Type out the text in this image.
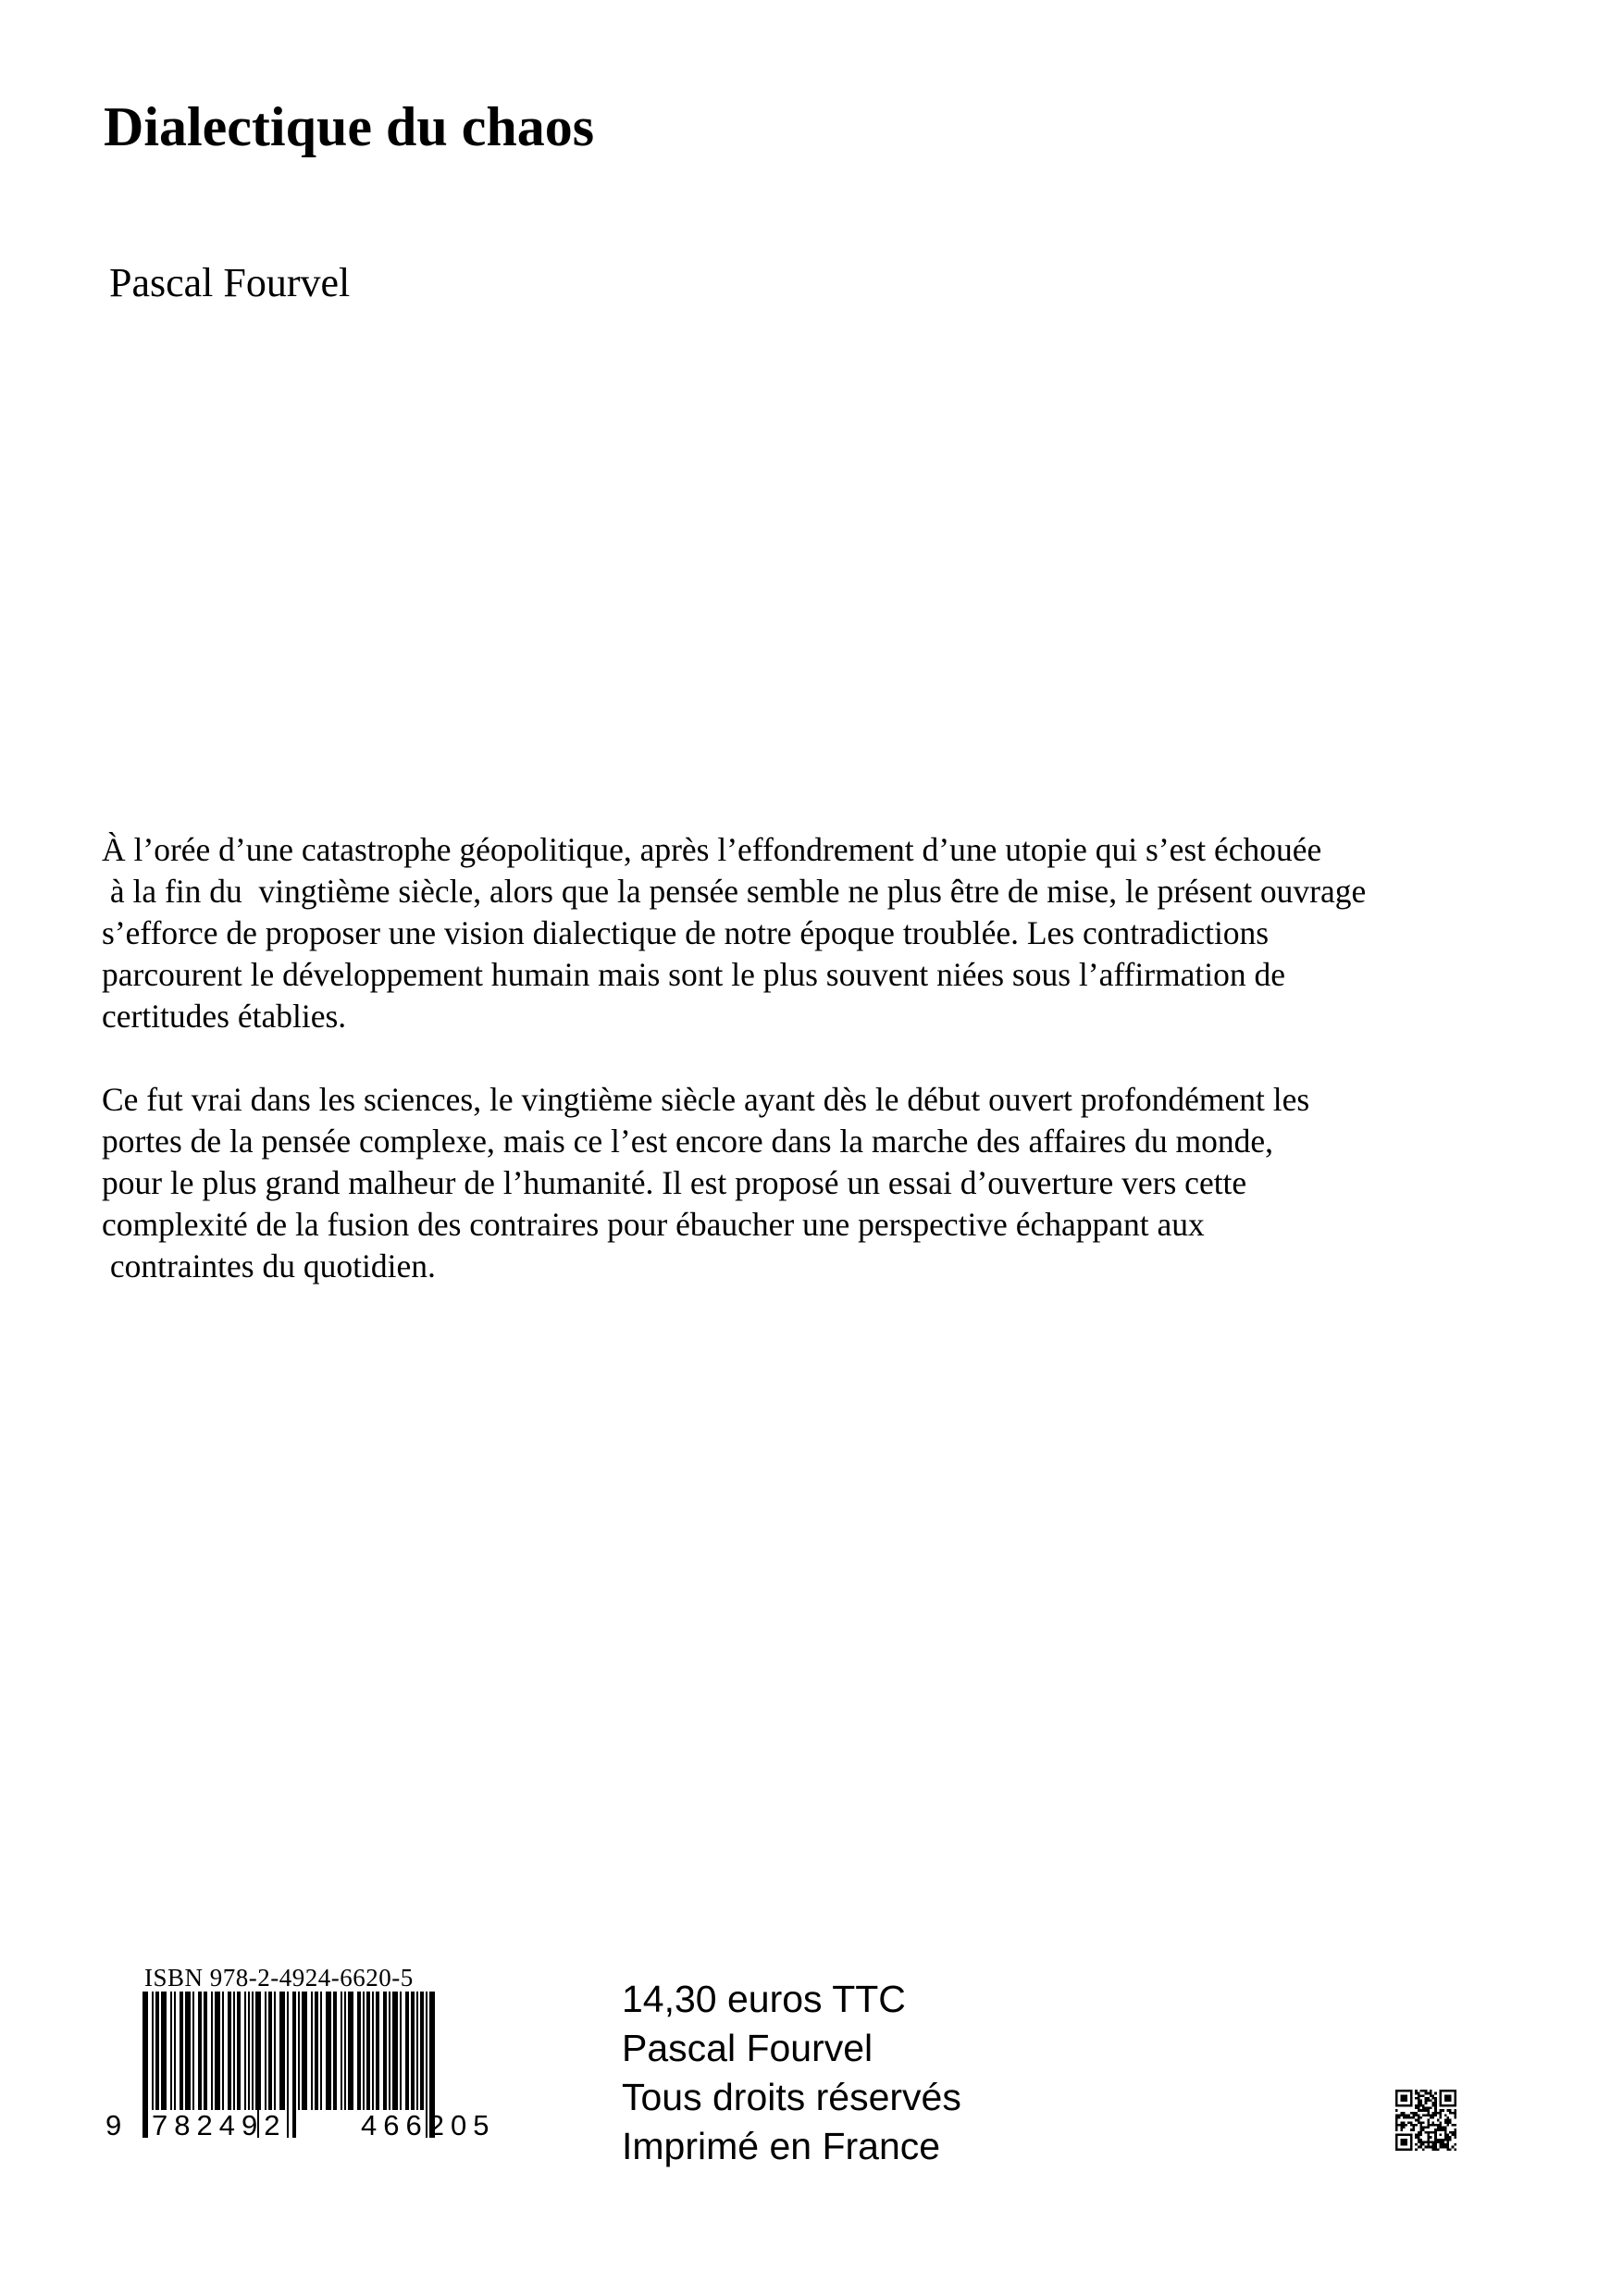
Dialectique du chaos

Pascal Fourvel

À l’orée d’une catastrophe géopolitique, après l’effondrement d’une utopie qui s’est échouée
à la fin du  vingtième siècle, alors que la pensée semble ne plus être de mise, le présent ouvrage
s’efforce de proposer une vision dialectique de notre époque troublée. Les contradictions
parcourent le développement humain mais sont le plus souvent niées sous l’affirmation de
certitudes établies.

Ce fut vrai dans les sciences, le vingtième siècle ayant dès le début ouvert profondément les
portes de la pensée complexe, mais ce l’est encore dans la marche des affaires du monde,
pour le plus grand malheur de l’humanité. Il est proposé un essai d’ouverture vers cette
complexité de la fusion des contraires pour ébaucher une perspective échappant aux
contraintes du quotidien.

ISBN 978-2-4924-6620-5
9 782492	466205
14,30 euros TTC
Pascal Fourvel
Tous droits réservés
Imprimé en France
